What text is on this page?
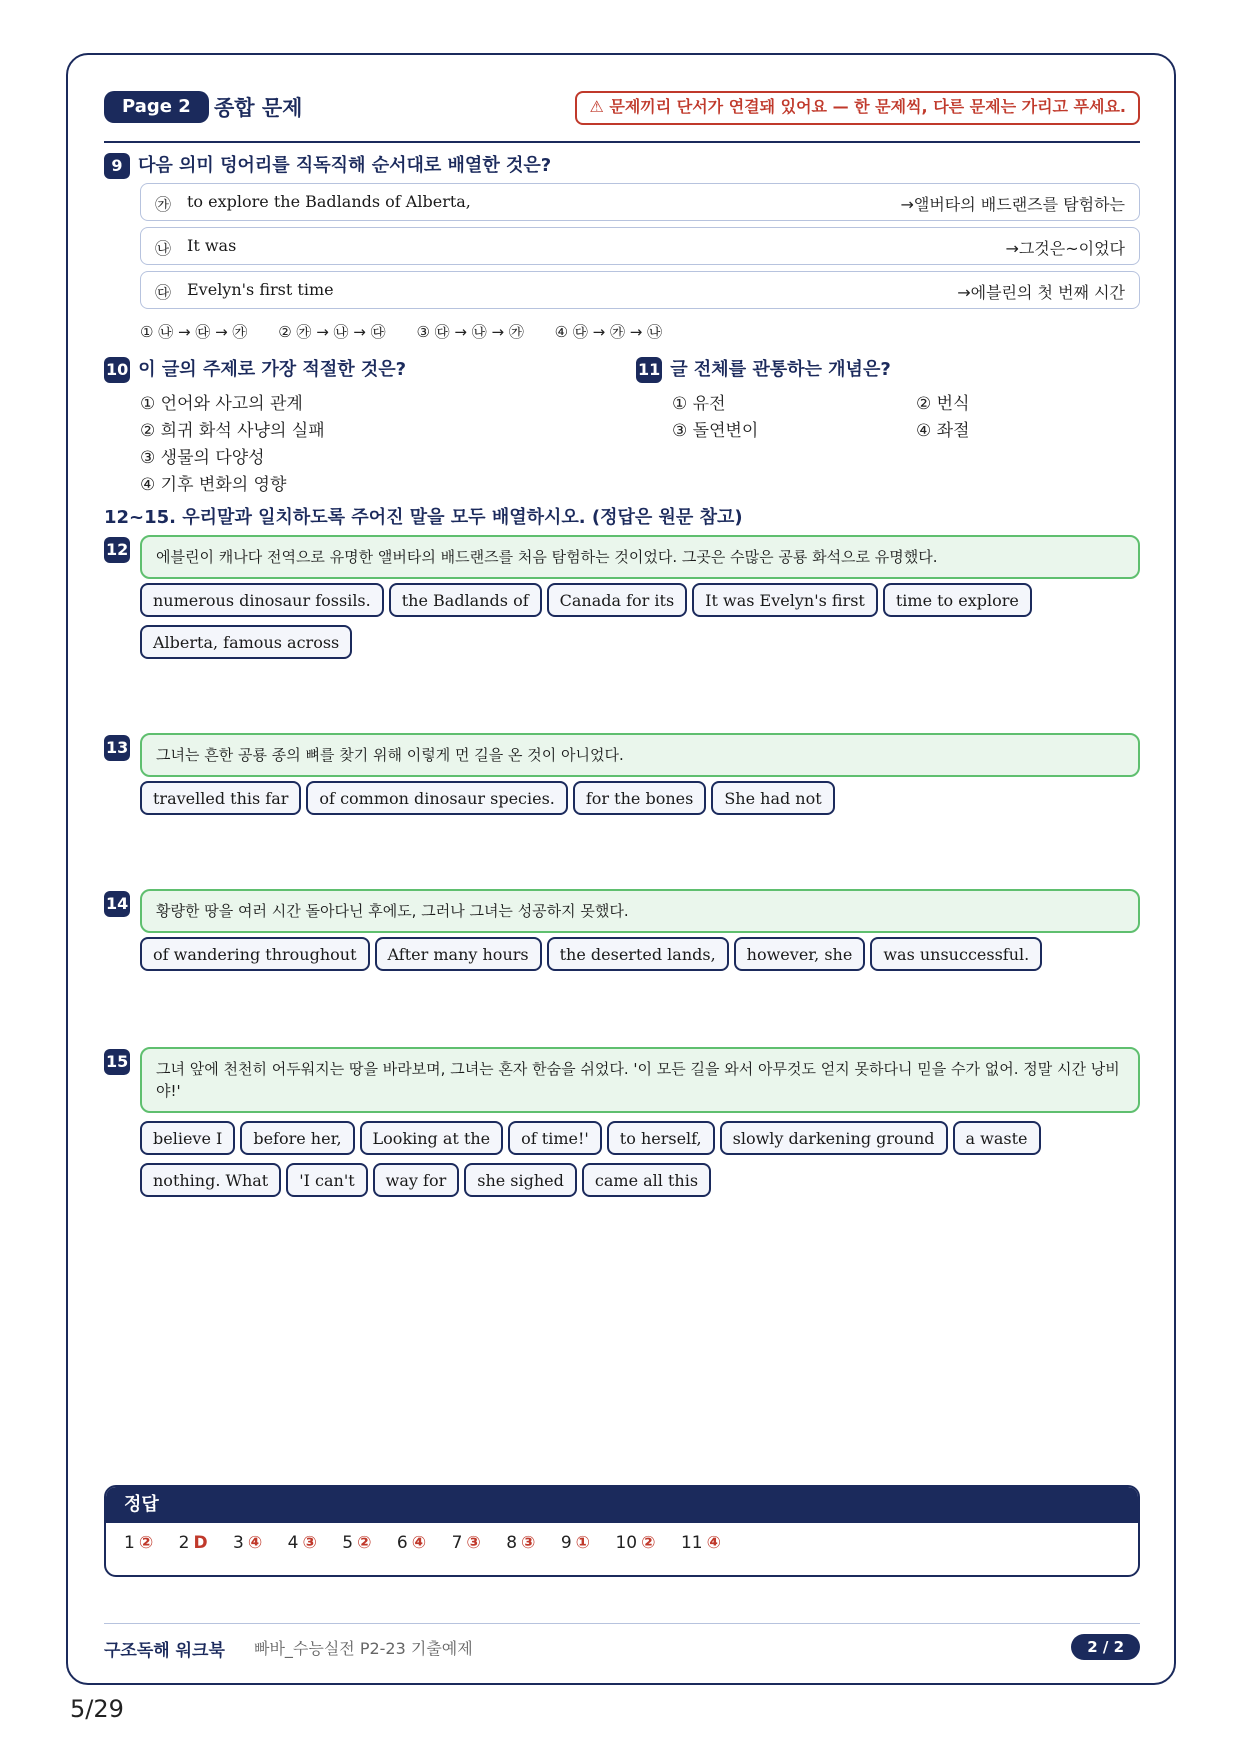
Page 2	종합 문제	⚠ 문제끼리 단서가 연결돼 있어요 — 한 문제씩, 다른 문제는 가리고 푸세요.
9 다음 의미 덩어리를 직독직해 순서대로 배열한 것은?
㉮ to explore the Badlands of Alberta,	→앨버타의 배드랜즈를 탐험하는
㉯ It was	→그것은~이었다
㉰ Evelyn's first time	→에블린의 첫 번째 시간
① ㉯ → ㉰ → ㉮ ② ㉮ → ㉯ → ㉰ ③ ㉰ → ㉯ → ㉮ ④ ㉰ → ㉮ → ㉯
10 이 글의 주제로 가장 적절한 것은?
① 언어와 사고의 관계
② 희귀 화석 사냥의 실패
③ 생물의 다양성
④ 기후 변화의 영향
11 글 전체를 관통하는 개념은?
① 유전	② 번식
③ 돌연변이	④ 좌절
12~15. 우리말과 일치하도록 주어진 말을 모두 배열하시오. (정답은 원문 참고)
12	에블린이 캐나다 전역으로 유명한 앨버타의 배드랜즈를 처음 탐험하는 것이었다. 그곳은 수많은 공룡 화석으로 유명했다.
numerous dinosaur fossils. the Badlands of Canada for its It was Evelyn's first time to explore
Alberta, famous across
13	그녀는 흔한 공룡 종의 뼈를 찾기 위해 이렇게 먼 길을 온 것이 아니었다.
travelled this far of common dinosaur species. for the bones She had not
14	황량한 땅을 여러 시간 돌아다닌 후에도, 그러나 그녀는 성공하지 못했다.
of wandering throughout After many hours the deserted lands, however, she was unsuccessful.
15	그녀 앞에 천천히 어두워지는 땅을 바라보며, 그녀는 혼자 한숨을 쉬었다. '이 모든 길을 와서 아무것도 얻지 못하다니 믿을 수가 없어. 정말 시간 낭비야!'
believe I before her, Looking at the of time!' to herself, slowly darkening ground a waste
nothing. What 'I can't way for she sighed came all this
정답
1 ② 2 D 3 ④ 4 ③ 5 ② 6 ④ 7 ③ 8 ③ 9 ① 10 ② 11 ④
구조독해 워크북 빠바_수능실전 P2-23 기출예제	2 / 2
5/29
